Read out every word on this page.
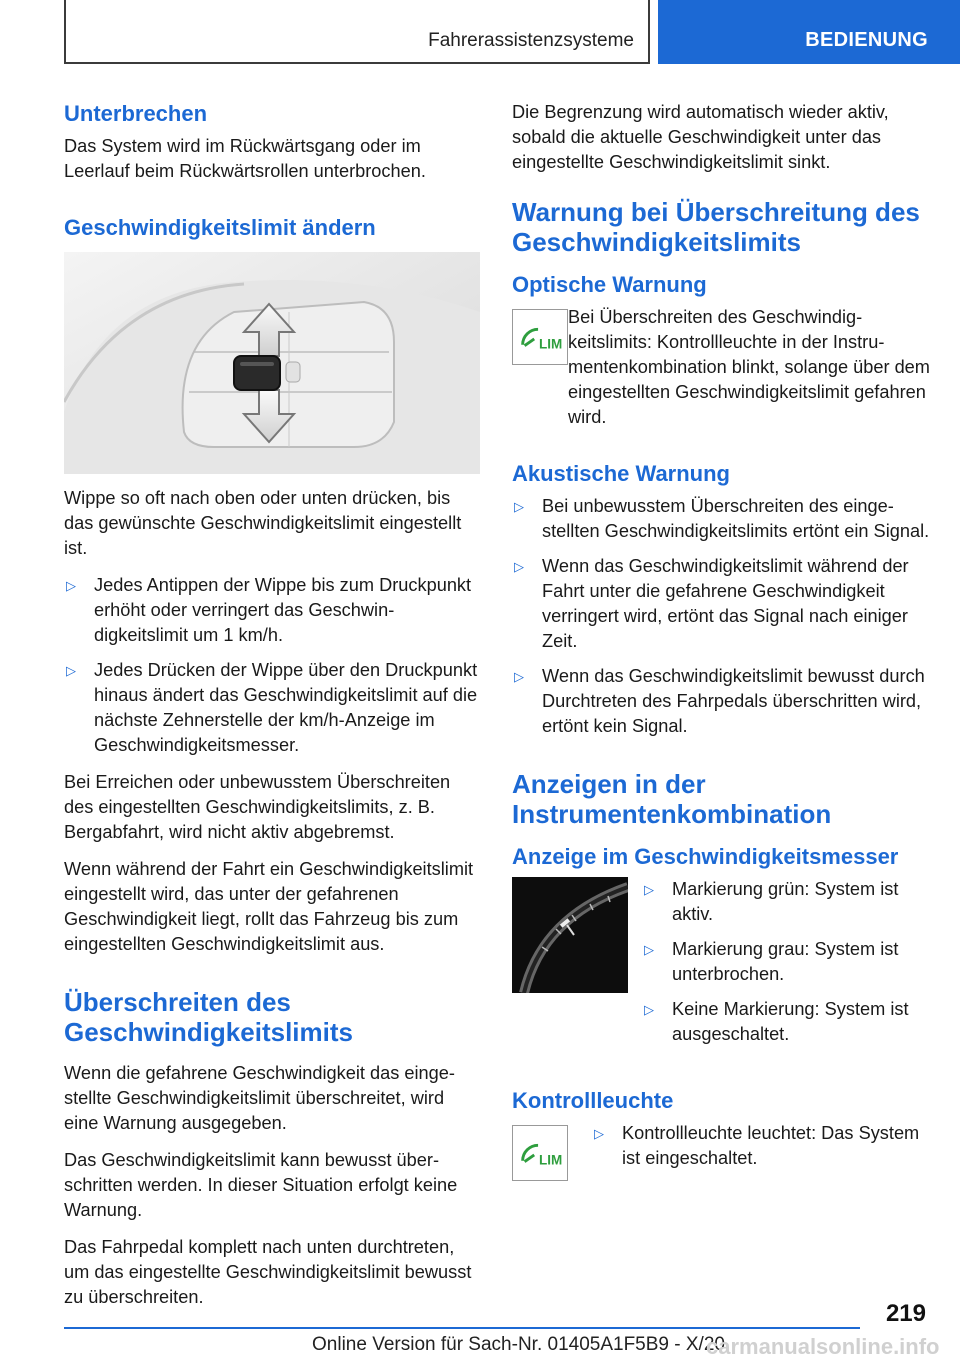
Fahrerassistenzsysteme	BEDIENUNG
Unterbrechen

Das System wird im Rückwärtsgang oder im Leerlauf beim Rückwärtsrollen unterbrochen.

Geschwindigkeitslimit ändern

Wippe so oft nach oben oder unten drücken, bis das gewünschte Geschwindigkeitslimit eingestellt ist.

▷ Jedes Antippen der Wippe bis zum Druckpunkt erhöht oder verringert das Geschwindigkeitslimit um 1 km/h.
▷ Jedes Drücken der Wippe über den Druckpunkt hinaus ändert das Geschwindigkeitslimit auf die nächste Zehnerstelle der km/h-Anzeige im Geschwindigkeitsmesser.

Bei Erreichen oder unbewusstem Überschreiten des eingestellten Geschwindigkeitslimits, z. B. Bergabfahrt, wird nicht aktiv abgebremst.

Wenn während der Fahrt ein Geschwindigkeitslimit eingestellt wird, das unter der gefahrenen Geschwindigkeit liegt, rollt das Fahrzeug bis zum eingestellten Geschwindigkeitslimit aus.

Überschreiten des Geschwindigkeitslimits

Wenn die gefahrene Geschwindigkeit das eingestellte Geschwindigkeitslimit überschreitet, wird eine Warnung ausgegeben.

Das Geschwindigkeitslimit kann bewusst überschritten werden. In dieser Situation erfolgt keine Warnung.

Das Fahrpedal komplett nach unten durchtreten, um das eingestellte Geschwindigkeitslimit bewusst zu überschreiten.

Die Begrenzung wird automatisch wieder aktiv, sobald die aktuelle Geschwindigkeit unter das eingestellte Geschwindigkeitslimit sinkt.

Warnung bei Überschreitung des Geschwindigkeitslimits
Optische Warnung
LIM

Bei Überschreiten des Geschwindigkeitslimits: Kontrollleuchte in der Instrumentenkombination blinkt, solange über dem eingestellten Geschwindigkeitslimit gefahren wird.

Akustische Warnung
▷ Bei unbewusstem Überschreiten des eingestellten Geschwindigkeitslimits ertönt ein Signal.
▷ Wenn das Geschwindigkeitslimit während der Fahrt unter die gefahrene Geschwindigkeit verringert wird, ertönt das Signal nach einiger Zeit.
▷ Wenn das Geschwindigkeitslimit bewusst durch Durchtreten des Fahrpedals überschritten wird, ertönt kein Signal.
Anzeigen in der Instrumentenkombination
Anzeige im Geschwindigkeitsmesser
▷ Markierung grün: System ist aktiv.
▷ Markierung grau: System ist unterbrochen.
▷ Keine Markierung: System ist ausgeschaltet.
Kontrollleuchte
LIM
▷ Kontrollleuchte leuchtet: Das System ist eingeschaltet.
219
Online Version für Sach-Nr. 01405A1F5B9 - X/20
carmanualsonline.info
